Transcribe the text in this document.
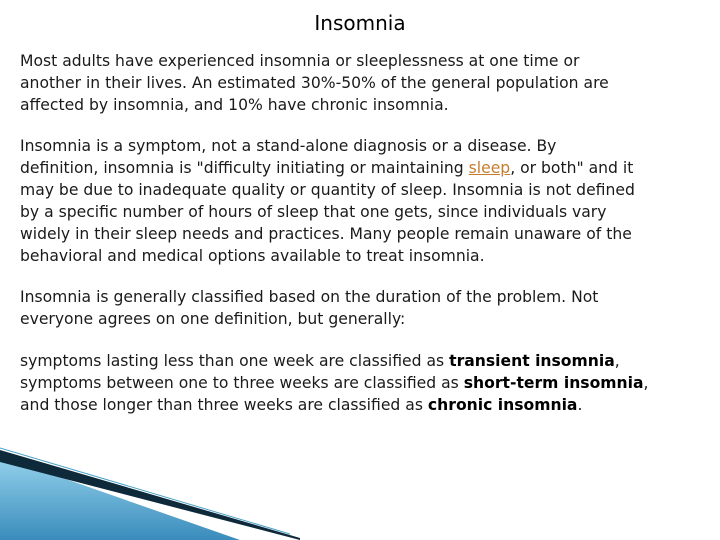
Insomnia

Most adults have experienced insomnia or sleeplessness at one time or
another in their lives. An estimated 30%-50% of the general population are
affected by insomnia, and 10% have chronic insomnia.

Insomnia is a symptom, not a stand-alone diagnosis or a disease. By
definition, insomnia is "difficulty initiating or maintaining sleep, or both" and it
may be due to inadequate quality or quantity of sleep. Insomnia is not defined
by a specific number of hours of sleep that one gets, since individuals vary
widely in their sleep needs and practices. Many people remain unaware of the
behavioral and medical options available to treat insomnia.

Insomnia is generally classified based on the duration of the problem. Not
everyone agrees on one definition, but generally:

symptoms lasting less than one week are classified as transient insomnia,
symptoms between one to three weeks are classified as short-term insomnia,
and those longer than three weeks are classified as chronic insomnia.
